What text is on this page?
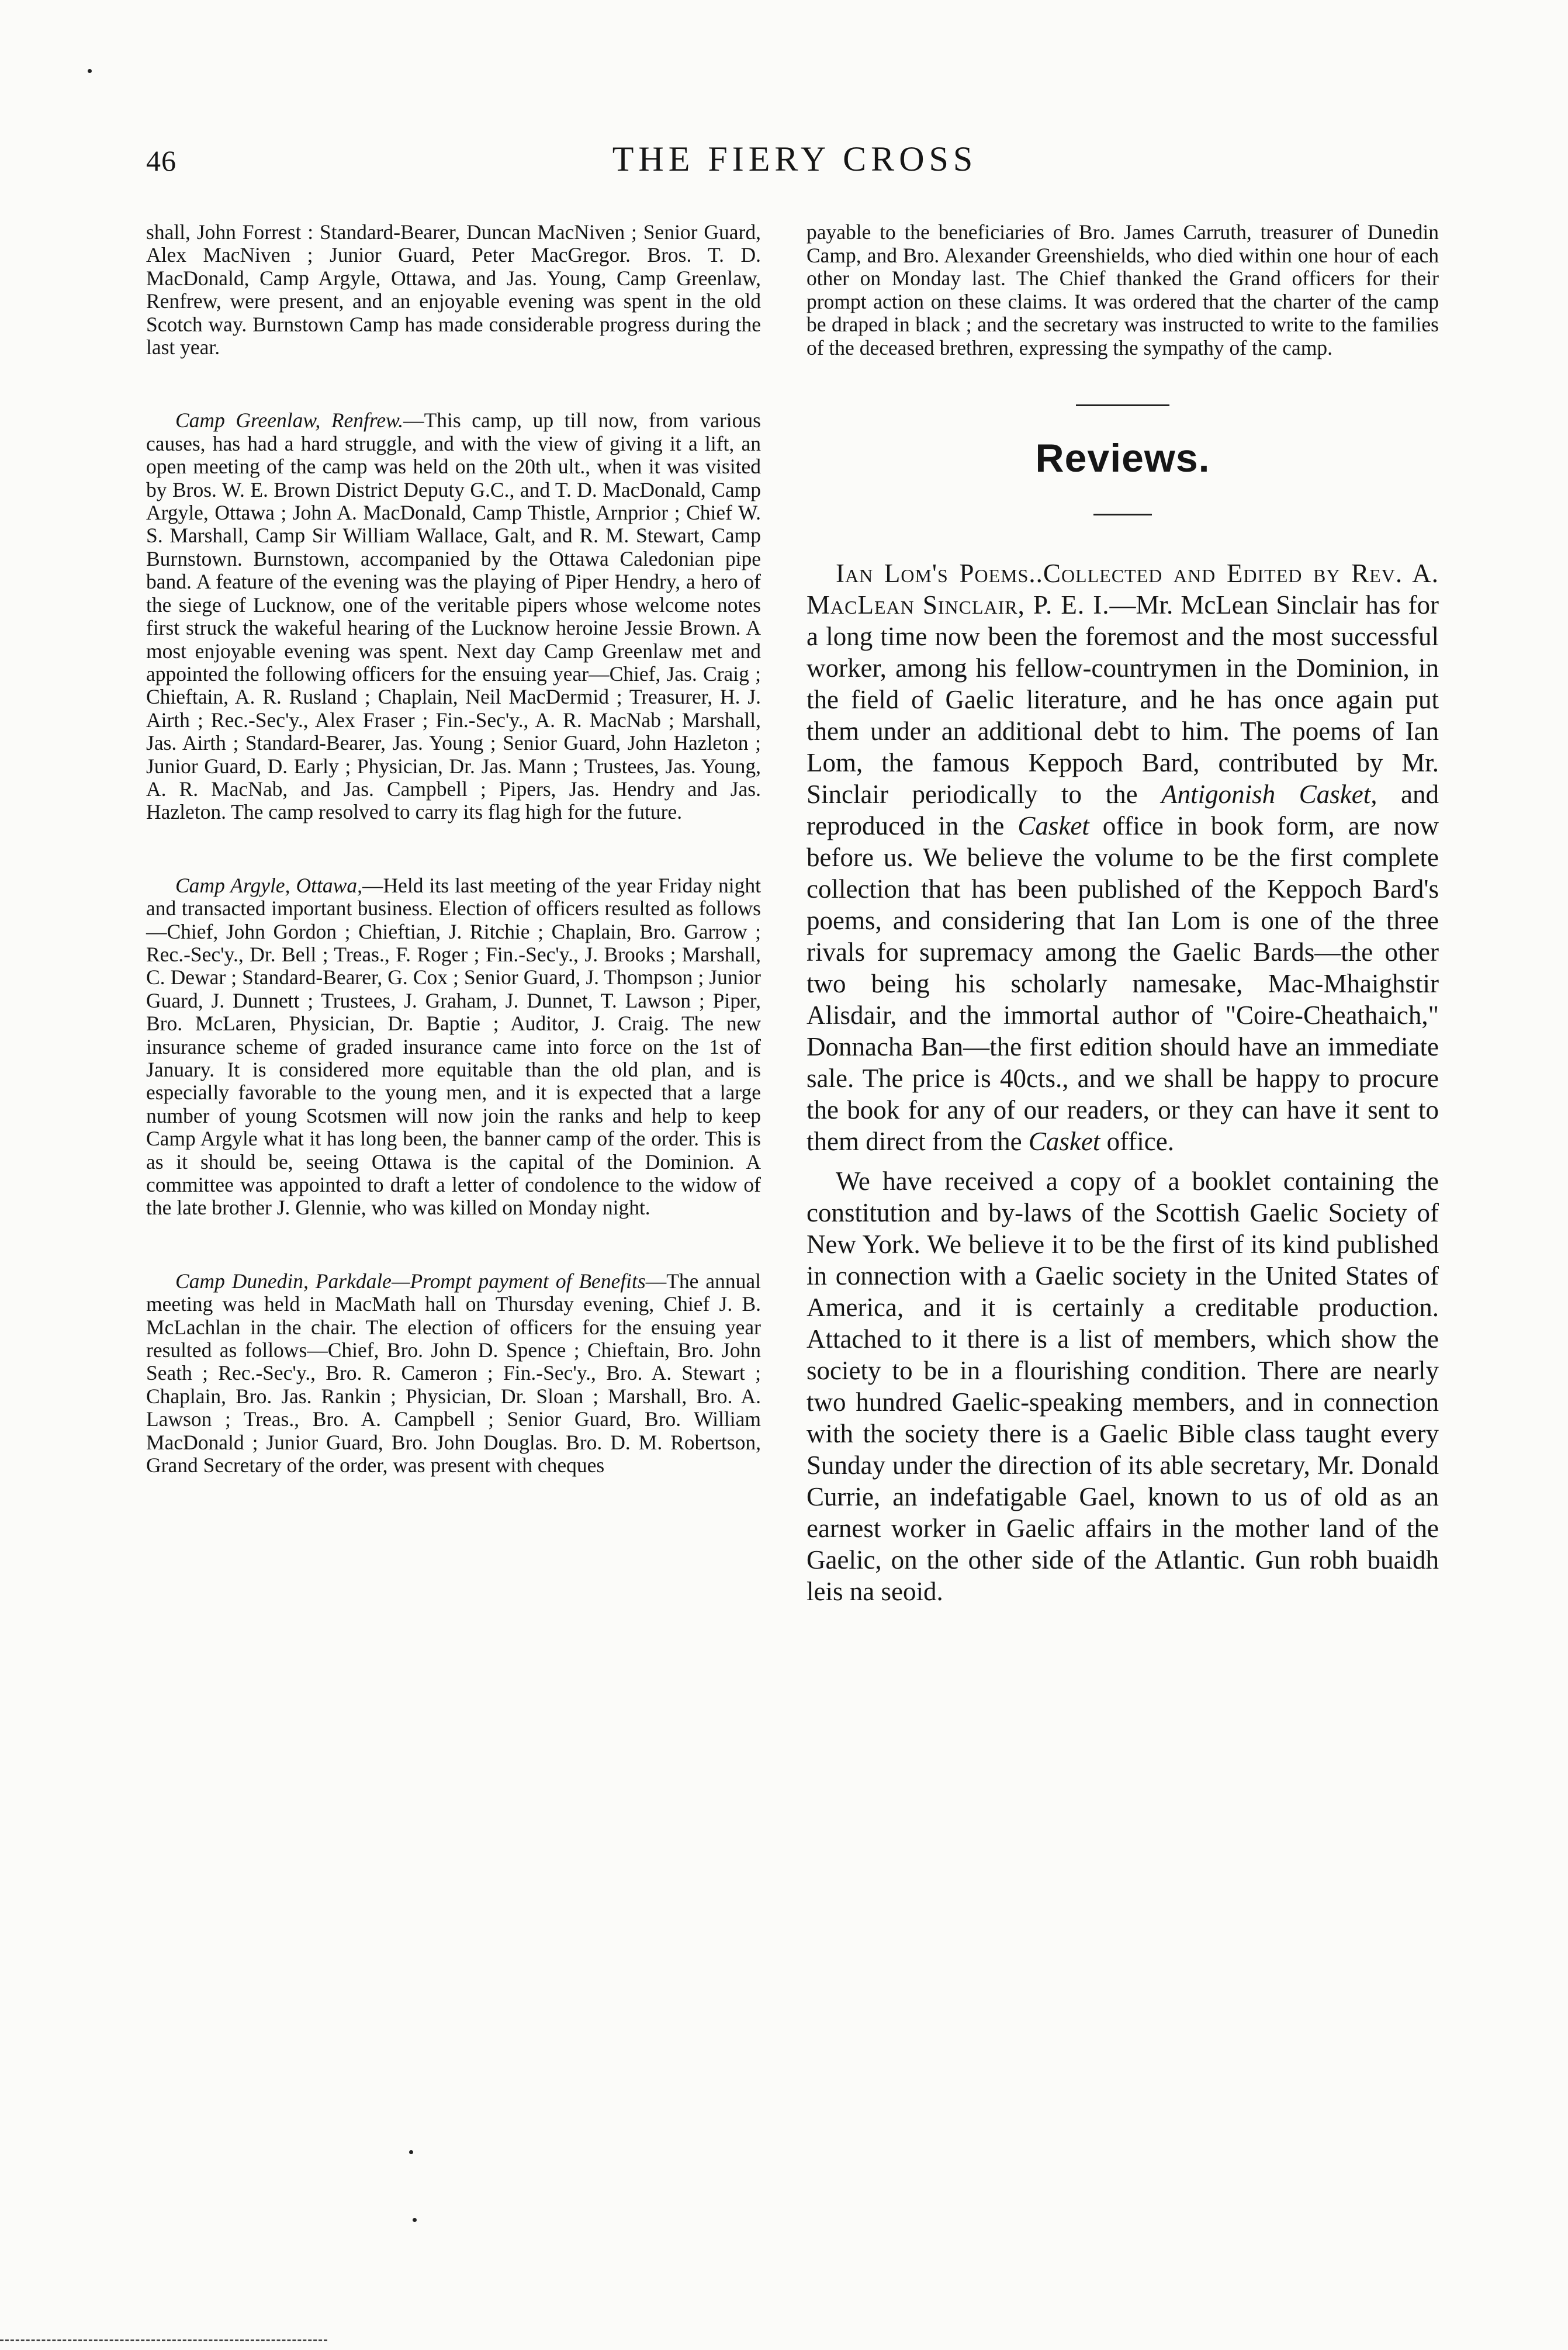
46	THE FIERY CROSS

shall, John Forrest : Standard-Bearer, Duncan MacNiven ; Senior Guard, Alex MacNiven ; Junior Guard, Peter MacGregor. Bros. T. D. MacDonald, Camp Argyle, Ottawa, and Jas. Young, Camp Greenlaw, Renfrew, were present, and an enjoyable evening was spent in the old Scotch way. Burnstown Camp has made considerable progress during the last year.

Camp Greenlaw, Renfrew.—This camp, up till now, from various causes, has had a hard struggle, and with the view of giving it a lift, an open meeting of the camp was held on the 20th ult., when it was visited by Bros. W. E. Brown District Deputy G.C., and T. D. MacDonald, Camp Argyle, Ottawa ; John A. MacDonald, Camp Thistle, Arnprior ; Chief W. S. Marshall, Camp Sir William Wallace, Galt, and R. M. Stewart, Camp Burnstown. Burnstown, accompanied by the Ottawa Caledonian pipe band. A feature of the evening was the playing of Piper Hendry, a hero of the siege of Lucknow, one of the veritable pipers whose welcome notes first struck the wakeful hearing of the Lucknow heroine Jessie Brown. A most enjoyable evening was spent. Next day Camp Greenlaw met and appointed the following officers for the ensuing year—Chief, Jas. Craig ; Chieftain, A. R. Rusland ; Chaplain, Neil MacDermid ; Treasurer, H. J. Airth ; Rec.-Sec'y., Alex Fraser ; Fin.-Sec'y., A. R. MacNab ; Marshall, Jas. Airth ; Standard-Bearer, Jas. Young ; Senior Guard, John Hazleton ; Junior Guard, D. Early ; Physician, Dr. Jas. Mann ; Trustees, Jas. Young, A. R. MacNab, and Jas. Campbell ; Pipers, Jas. Hendry and Jas. Hazleton. The camp resolved to carry its flag high for the future.

Camp Argyle, Ottawa,—Held its last meeting of the year Friday night and transacted important business. Election of officers resulted as follows—Chief, John Gordon ; Chieftian, J. Ritchie ; Chaplain, Bro. Garrow ; Rec.-Sec'y., Dr. Bell ; Treas., F. Roger ; Fin.-Sec'y., J. Brooks ; Marshall, C. Dewar ; Standard-Bearer, G. Cox ; Senior Guard, J. Thompson ; Junior Guard, J. Dunnett ; Trustees, J. Graham, J. Dunnet, T. Lawson ; Piper, Bro. McLaren, Physician, Dr. Baptie ; Auditor, J. Craig. The new insurance scheme of graded insurance came into force on the 1st of January. It is considered more equitable than the old plan, and is especially favorable to the young men, and it is expected that a large number of young Scotsmen will now join the ranks and help to keep Camp Argyle what it has long been, the banner camp of the order. This is as it should be, seeing Ottawa is the capital of the Dominion. A committee was appointed to draft a letter of condolence to the widow of the late brother J. Glennie, who was killed on Monday night.

Camp Dunedin, Parkdale—Prompt payment of Benefits—The annual meeting was held in MacMath hall on Thursday evening, Chief J. B. McLachlan in the chair. The election of officers for the ensuing year resulted as follows—Chief, Bro. John D. Spence ; Chieftain, Bro. John Seath ; Rec.-Sec'y., Bro. R. Cameron ; Fin.-Sec'y., Bro. A. Stewart ; Chaplain, Bro. Jas. Rankin ; Physician, Dr. Sloan ; Marshall, Bro. A. Lawson ; Treas., Bro. A. Campbell ; Senior Guard, Bro. William MacDonald ; Junior Guard, Bro. John Douglas. Bro. D. M. Robertson, Grand Secretary of the order, was present with cheques

payable to the beneficiaries of Bro. James Carruth, treasurer of Dunedin Camp, and Bro. Alexander Greenshields, who died within one hour of each other on Monday last. The Chief thanked the Grand officers for their prompt action on these claims. It was ordered that the charter of the camp be draped in black ; and the secretary was instructed to write to the families of the deceased brethren, expressing the sympathy of the camp.

Reviews.

Ian Lom's Poems..Collected and Edited by Rev. A. MacLean Sinclair, P. E. I.—Mr. McLean Sinclair has for a long time now been the foremost and the most successful worker, among his fellow-countrymen in the Dominion, in the field of Gaelic literature, and he has once again put them under an additional debt to him. The poems of Ian Lom, the famous Keppoch Bard, contributed by Mr. Sinclair periodically to the Antigonish Casket, and reproduced in the Casket office in book form, are now before us. We believe the volume to be the first complete collection that has been published of the Keppoch Bard's poems, and considering that Ian Lom is one of the three rivals for supremacy among the Gaelic Bards—the other two being his scholarly namesake, Mac-Mhaighstir Alisdair, and the immortal author of "Coire-Cheathaich," Donnacha Ban—the first edition should have an immediate sale. The price is 40cts., and we shall be happy to procure the book for any of our readers, or they can have it sent to them direct from the Casket office.

We have received a copy of a booklet containing the constitution and by-laws of the Scottish Gaelic Society of New York. We believe it to be the first of its kind published in connection with a Gaelic society in the United States of America, and it is certainly a creditable production. Attached to it there is a list of members, which show the society to be in a flourishing condition. There are nearly two hundred Gaelic-speaking members, and in connection with the society there is a Gaelic Bible class taught every Sunday under the direction of its able secretary, Mr. Donald Currie, an indefatigable Gael, known to us of old as an earnest worker in Gaelic affairs in the mother land of the Gaelic, on the other side of the Atlantic. Gun robh buaidh leis na seoid.
